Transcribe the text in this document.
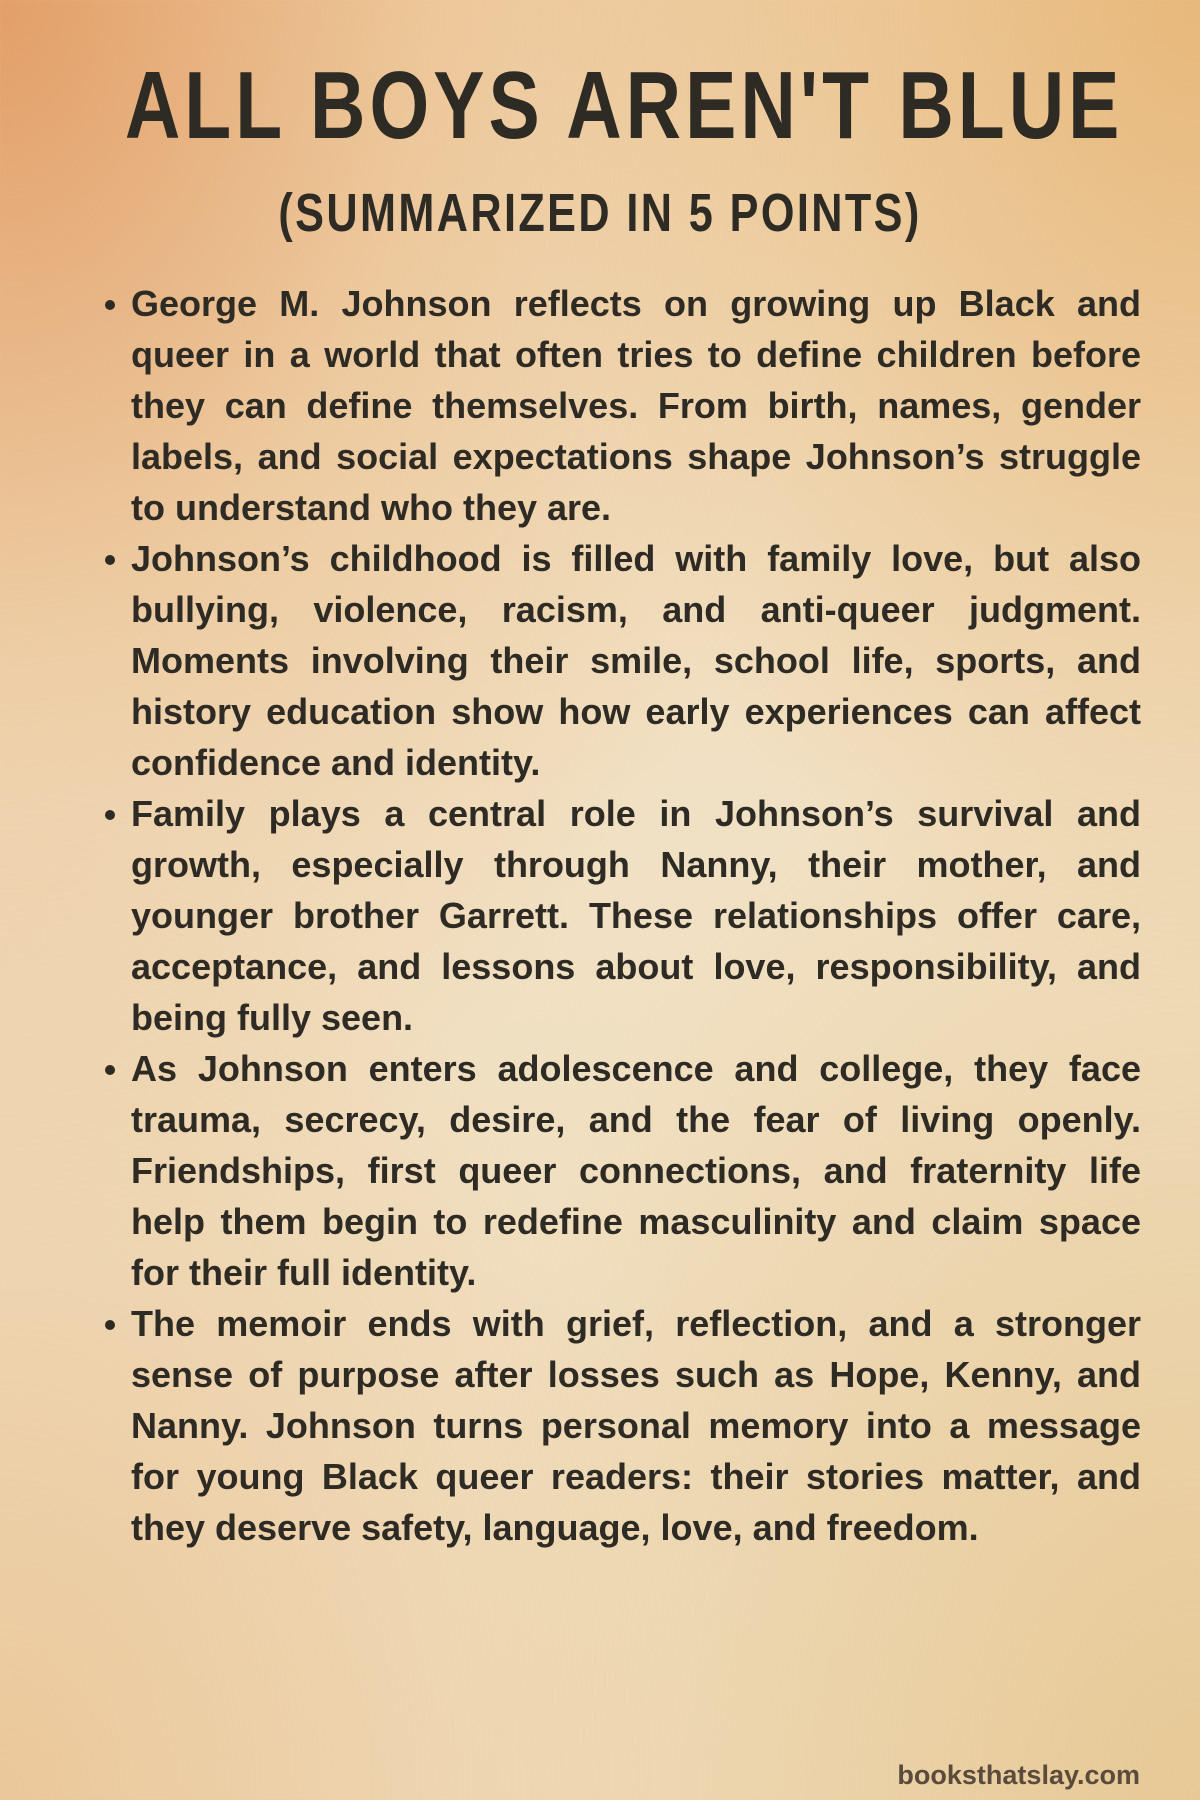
ALL BOYS AREN'T BLUE
(SUMMARIZED IN 5 POINTS)
George M. Johnson reflects on growing up Black and queer in a world that often tries to define children before they can define themselves. From birth, names, gender labels, and social expectations shape Johnson’s struggle to understand who they are.
Johnson’s childhood is filled with family love, but also bullying, violence, racism, and anti-queer judgment. Moments involving their smile, school life, sports, and history education show how early experiences can affect confidence and identity.
Family plays a central role in Johnson’s survival and growth, especially through Nanny, their mother, and younger brother Garrett. These relationships offer care, acceptance, and lessons about love, responsibility, and being fully seen.
As Johnson enters adolescence and college, they face trauma, secrecy, desire, and the fear of living openly. Friendships, first queer connections, and fraternity life help them begin to redefine masculinity and claim space for their full identity.
The memoir ends with grief, reflection, and a stronger sense of purpose after losses such as Hope, Kenny, and Nanny. Johnson turns personal memory into a message for young Black queer readers: their stories matter, and they deserve safety, language, love, and freedom.
booksthatslay.com
